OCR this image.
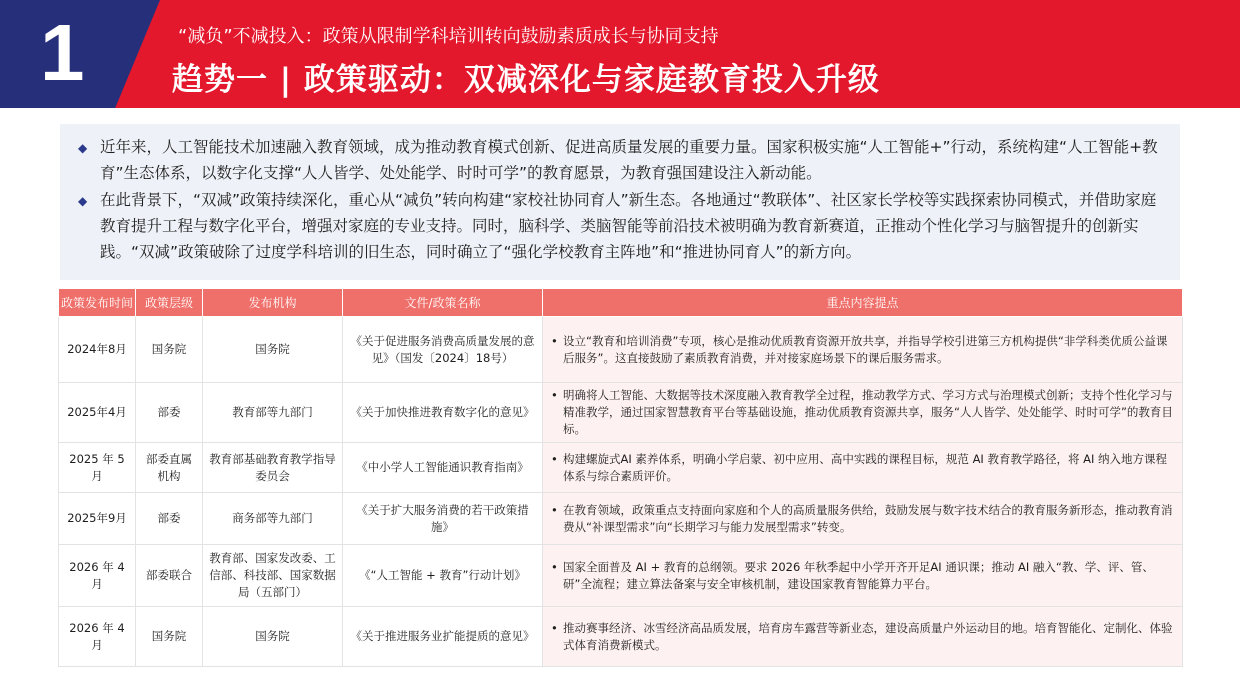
1	“减负”不减投入：政策从限制学科培训转向鼓励素质成长与协同支持
趋势一 | 政策驱动：双减深化与家庭教育投入升级
◆ 近年来，人工智能技术加速融入教育领域，成为推动教育模式创新、促进高质量发展的重要力量。国家积极实施“人工智能+”行动，系统构建“人工智能+教育”生态体系，以数字化支撑“人人皆学、处处能学、时时可学”的教育愿景，为教育强国建设注入新动能。
◆ 在此背景下，“双减”政策持续深化，重心从“减负”转向构建“家校社协同育人”新生态。各地通过“教联体”、社区家长学校等实践探索协同模式，并借助家庭教育提升工程与数字化平台，增强对家庭的专业支持。同时，脑科学、类脑智能等前沿技术被明确为教育新赛道，正推动个性化学习与脑智提升的创新实践。“双减”政策破除了过度学科培训的旧生态，同时确立了“强化学校教育主阵地”和“推进协同育人”的新方向。
政策发布时间	政策层级	发布机构	文件/政策名称	重点内容提点
2024年8月	国务院	国务院	《关于促进服务消费高质量发展的意见》（国发〔2024〕18号）	• 设立“教育和培训消费”专项，核心是推动优质教育资源开放共享，并指导学校引进第三方机构提供“非学科类优质公益课后服务”。这直接鼓励了素质教育消费，并对接家庭场景下的课后服务需求。

2025年4月	部委	教育部等九部门	《关于加快推进教育数字化的意见》	• 明确将人工智能、大数据等技术深度融入教育教学全过程，推动教学方式、学习方式与治理模式创新；支持个性化学习与精准教学，通过国家智慧教育平台等基础设施，推动优质教育资源共享，服务“人人皆学、处处能学、时时可学”的教育目标。

2025 年 5 月	部委直属机构	教育部基础教育教学指导委员会	《中小学人工智能通识教育指南》	• 构建螺旋式AI 素养体系，明确小学启蒙、初中应用、高中实践的课程目标，规范 AI 教育教学路径，将 AI 纳入地方课程体系与综合素质评价。

2025年9月	部委	商务部等九部门	《关于扩大服务消费的若干政策措施》	• 在教育领域，政策重点支持面向家庭和个人的高质量服务供给，鼓励发展与数字技术结合的教育服务新形态，推动教育消费从“补课型需求”向“长期学习与能力发展型需求”转变。

2026 年 4 月	部委联合	教育部、国家发改委、工信部、科技部、国家数据局（五部门）	《“人工智能 + 教育”行动计划》	• 国家全面普及 AI + 教育的总纲领。要求 2026 年秋季起中小学开齐开足AI 通识课；推动 AI 融入“教、学、评、管、研”全流程；建立算法备案与安全审核机制，建设国家教育智能算力平台。

2026 年 4 月	国务院	国务院	《关于推进服务业扩能提质的意见》	• 推动赛事经济、冰雪经济高品质发展，培育房车露营等新业态，建设高质量户外运动目的地。培育智能化、定制化、体验式体育消费新模式。
